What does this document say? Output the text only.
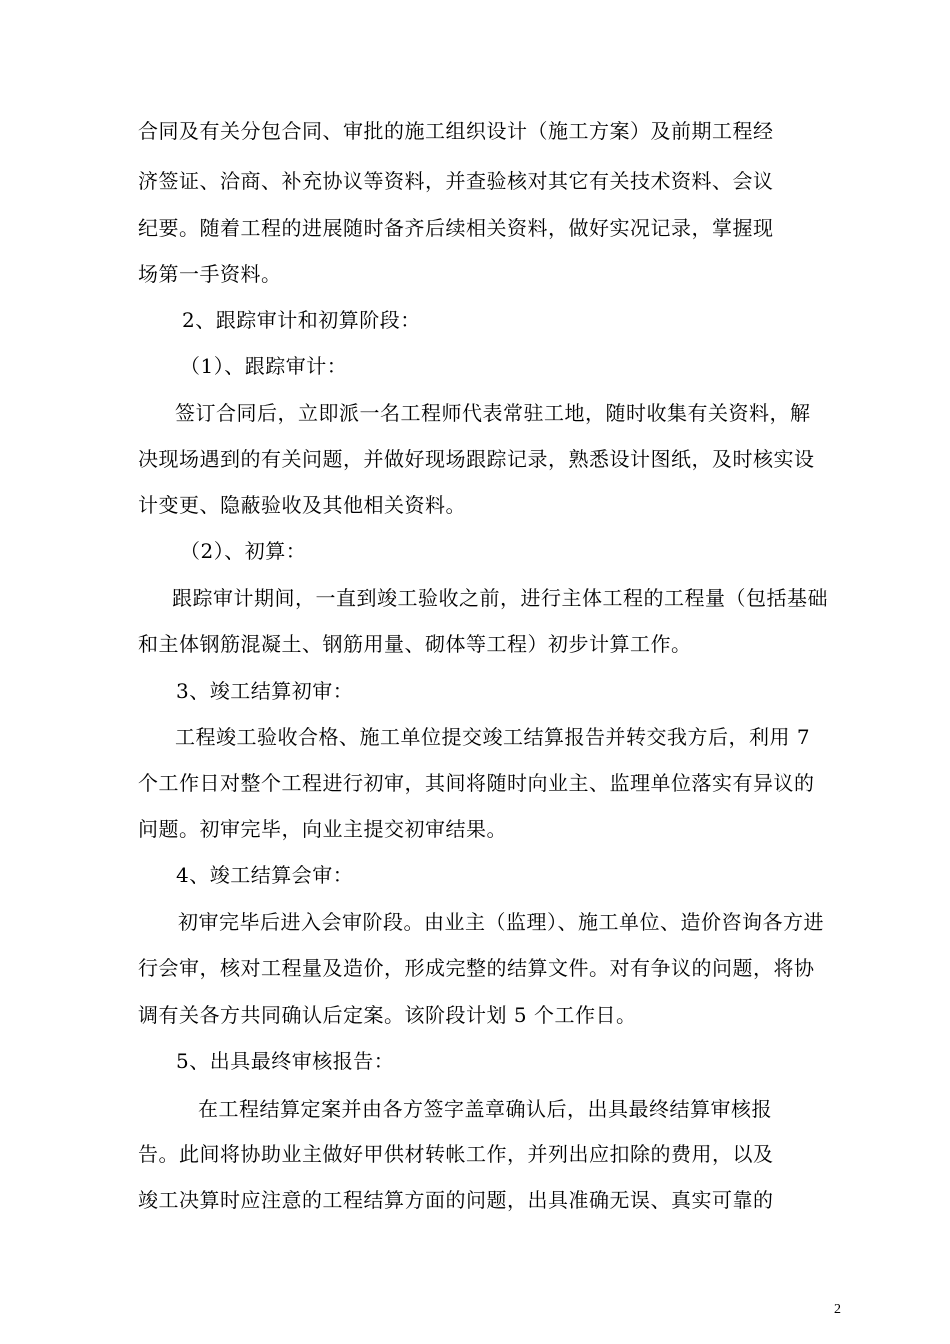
合同及有关分包合同、审批的施工组织设计（施工方案）及前期工程经
济签证、洽商、补充协议等资料，并查验核对其它有关技术资料、会议
纪要。随着工程的进展随时备齐后续相关资料，做好实况记录，掌握现
场第一手资料。
2、跟踪审计和初算阶段：
（1）、跟踪审计：
签订合同后，立即派一名工程师代表常驻工地，随时收集有关资料，解
决现场遇到的有关问题，并做好现场跟踪记录，熟悉设计图纸，及时核实设
计变更、隐蔽验收及其他相关资料。
（2）、初算：
跟踪审计期间，一直到竣工验收之前，进行主体工程的工程量（包括基础
和主体钢筋混凝土、钢筋用量、砌体等工程）初步计算工作。
3、竣工结算初审：
工程竣工验收合格、施工单位提交竣工结算报告并转交我方后，利用 7
个工作日对整个工程进行初审，其间将随时向业主、监理单位落实有异议的
问题。初审完毕，向业主提交初审结果。
4、竣工结算会审：
初审完毕后进入会审阶段。由业主（监理）、施工单位、造价咨询各方进
行会审，核对工程量及造价，形成完整的结算文件。对有争议的问题，将协
调有关各方共同确认后定案。该阶段计划 5 个工作日。
5、出具最终审核报告：
在工程结算定案并由各方签字盖章确认后，出具最终结算审核报
告。此间将协助业主做好甲供材转帐工作，并列出应扣除的费用，以及
竣工决算时应注意的工程结算方面的问题，出具准确无误、真实可靠的
2
